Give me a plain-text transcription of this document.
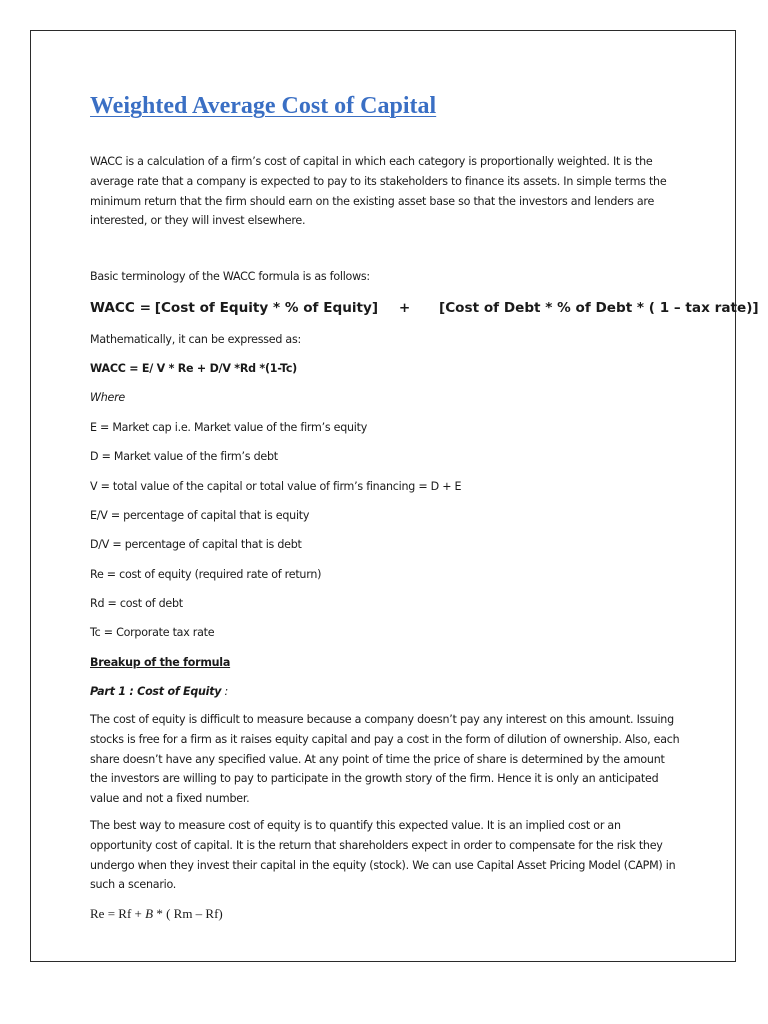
Weighted Average Cost of Capital

WACC is a calculation of a firm’s cost of capital in which each category is proportionally weighted. It is the average rate that a company is expected to pay to its stakeholders to finance its assets. In simple terms the minimum return that the firm should earn on the existing asset base so that the investors and lenders are interested, or they will invest elsewhere.

Basic terminology of the WACC formula is as follows:

WACC = [Cost of Equity * % of Equity] + [Cost of Debt * % of Debt * ( 1 – tax rate)]

Mathematically, it can be expressed as:

WACC = E/ V * Re + D/V *Rd *(1-Tc)

Where

E = Market cap i.e. Market value of the firm’s equity

D = Market value of the firm’s debt

V = total value of the capital or total value of firm’s financing = D + E

E/V = percentage of capital that is equity

D/V = percentage of capital that is debt

Re = cost of equity (required rate of return)

Rd = cost of debt

Tc = Corporate tax rate

Breakup of the formula

Part 1 : Cost of Equity :

The cost of equity is difficult to measure because a company doesn’t pay any interest on this amount. Issuing stocks is free for a firm as it raises equity capital and pay a cost in the form of dilution of ownership. Also, each share doesn’t have any specified value. At any point of time the price of share is determined by the amount the investors are willing to pay to participate in the growth story of the firm. Hence it is only an anticipated value and not a fixed number.

The best way to measure cost of equity is to quantify this expected value. It is an implied cost or an opportunity cost of capital. It is the return that shareholders expect in order to compensate for the risk they undergo when they invest their capital in the equity (stock). We can use Capital Asset Pricing Model (CAPM) in such a scenario.

Re = Rf + B * ( Rm – Rf)
